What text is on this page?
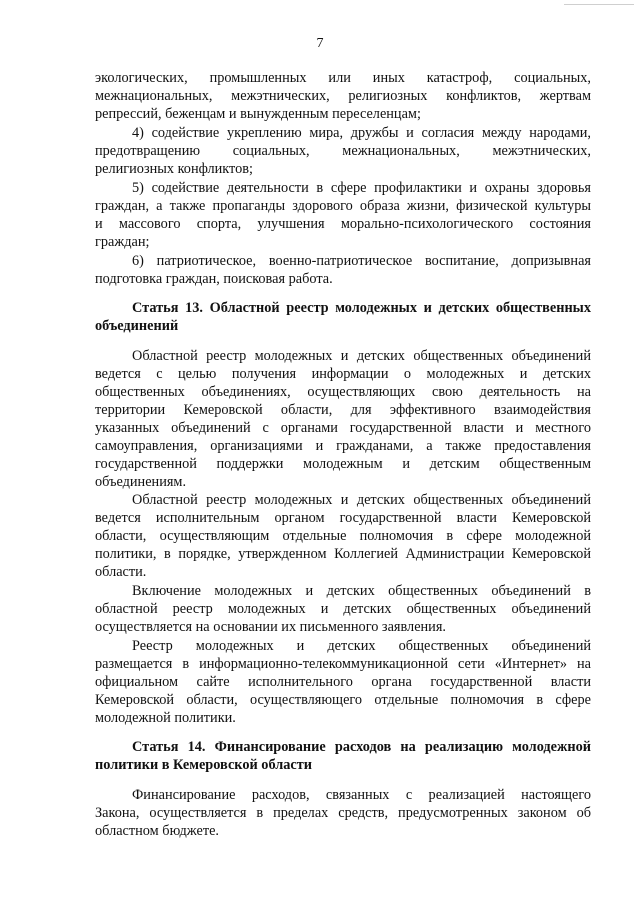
7
экологических, промышленных или иных катастроф, социальных,
межнациональных, межэтнических, религиозных конфликтов, жертвам
репрессий, беженцам и вынужденным переселенцам;
4) содействие укреплению мира, дружбы и согласия между народами,
предотвращению социальных, межнациональных, межэтнических,
религиозных конфликтов;
5) содействие деятельности в сфере профилактики и охраны здоровья
граждан, а также пропаганды здорового образа жизни, физической культуры
и массового спорта, улучшения морально-психологического состояния
граждан;
6) патриотическое, военно-патриотическое воспитание, допризывная
подготовка граждан, поисковая работа.
Статья 13. Областной реестр молодежных и детских общественных
объединений
Областной реестр молодежных и детских общественных объединений
ведется с целью получения информации о молодежных и детских
общественных объединениях, осуществляющих свою деятельность на
территории Кемеровской области, для эффективного взаимодействия
указанных объединений с органами государственной власти и местного
самоуправления, организациями и гражданами, а также предоставления
государственной поддержки молодежным и детским общественным
объединениям.
Областной реестр молодежных и детских общественных объединений
ведется исполнительным органом государственной власти Кемеровской
области, осуществляющим отдельные полномочия в сфере молодежной
политики, в порядке, утвержденном Коллегией Администрации Кемеровской
области.
Включение молодежных и детских общественных объединений в
областной реестр молодежных и детских общественных объединений
осуществляется на основании их письменного заявления.
Реестр молодежных и детских общественных объединений
размещается в информационно-телекоммуникационной сети «Интернет» на
официальном сайте исполнительного органа государственной власти
Кемеровской области, осуществляющего отдельные полномочия в сфере
молодежной политики.
Статья 14. Финансирование расходов на реализацию молодежной
политики в Кемеровской области
Финансирование расходов, связанных с реализацией настоящего
Закона, осуществляется в пределах средств, предусмотренных законом об
областном бюджете.
